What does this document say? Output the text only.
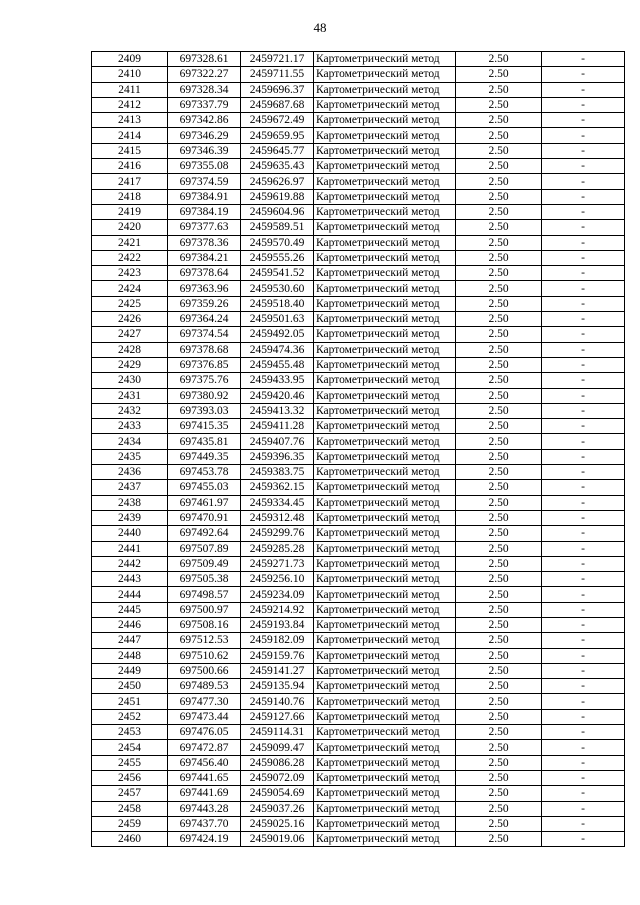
48
2409	697328.61	2459721.17	Картометрический метод	2.50	-
2410	697322.27	2459711.55	Картометрический метод	2.50	-
2411	697328.34	2459696.37	Картометрический метод	2.50	-
2412	697337.79	2459687.68	Картометрический метод	2.50	-
2413	697342.86	2459672.49	Картометрический метод	2.50	-
2414	697346.29	2459659.95	Картометрический метод	2.50	-
2415	697346.39	2459645.77	Картометрический метод	2.50	-
2416	697355.08	2459635.43	Картометрический метод	2.50	-
2417	697374.59	2459626.97	Картометрический метод	2.50	-
2418	697384.91	2459619.88	Картометрический метод	2.50	-
2419	697384.19	2459604.96	Картометрический метод	2.50	-
2420	697377.63	2459589.51	Картометрический метод	2.50	-
2421	697378.36	2459570.49	Картометрический метод	2.50	-
2422	697384.21	2459555.26	Картометрический метод	2.50	-
2423	697378.64	2459541.52	Картометрический метод	2.50	-
2424	697363.96	2459530.60	Картометрический метод	2.50	-
2425	697359.26	2459518.40	Картометрический метод	2.50	-
2426	697364.24	2459501.63	Картометрический метод	2.50	-
2427	697374.54	2459492.05	Картометрический метод	2.50	-
2428	697378.68	2459474.36	Картометрический метод	2.50	-
2429	697376.85	2459455.48	Картометрический метод	2.50	-
2430	697375.76	2459433.95	Картометрический метод	2.50	-
2431	697380.92	2459420.46	Картометрический метод	2.50	-
2432	697393.03	2459413.32	Картометрический метод	2.50	-
2433	697415.35	2459411.28	Картометрический метод	2.50	-
2434	697435.81	2459407.76	Картометрический метод	2.50	-
2435	697449.35	2459396.35	Картометрический метод	2.50	-
2436	697453.78	2459383.75	Картометрический метод	2.50	-
2437	697455.03	2459362.15	Картометрический метод	2.50	-
2438	697461.97	2459334.45	Картометрический метод	2.50	-
2439	697470.91	2459312.48	Картометрический метод	2.50	-
2440	697492.64	2459299.76	Картометрический метод	2.50	-
2441	697507.89	2459285.28	Картометрический метод	2.50	-
2442	697509.49	2459271.73	Картометрический метод	2.50	-
2443	697505.38	2459256.10	Картометрический метод	2.50	-
2444	697498.57	2459234.09	Картометрический метод	2.50	-
2445	697500.97	2459214.92	Картометрический метод	2.50	-
2446	697508.16	2459193.84	Картометрический метод	2.50	-
2447	697512.53	2459182.09	Картометрический метод	2.50	-
2448	697510.62	2459159.76	Картометрический метод	2.50	-
2449	697500.66	2459141.27	Картометрический метод	2.50	-
2450	697489.53	2459135.94	Картометрический метод	2.50	-
2451	697477.30	2459140.76	Картометрический метод	2.50	-
2452	697473.44	2459127.66	Картометрический метод	2.50	-
2453	697476.05	2459114.31	Картометрический метод	2.50	-
2454	697472.87	2459099.47	Картометрический метод	2.50	-
2455	697456.40	2459086.28	Картометрический метод	2.50	-
2456	697441.65	2459072.09	Картометрический метод	2.50	-
2457	697441.69	2459054.69	Картометрический метод	2.50	-
2458	697443.28	2459037.26	Картометрический метод	2.50	-
2459	697437.70	2459025.16	Картометрический метод	2.50	-
2460	697424.19	2459019.06	Картометрический метод	2.50	-
